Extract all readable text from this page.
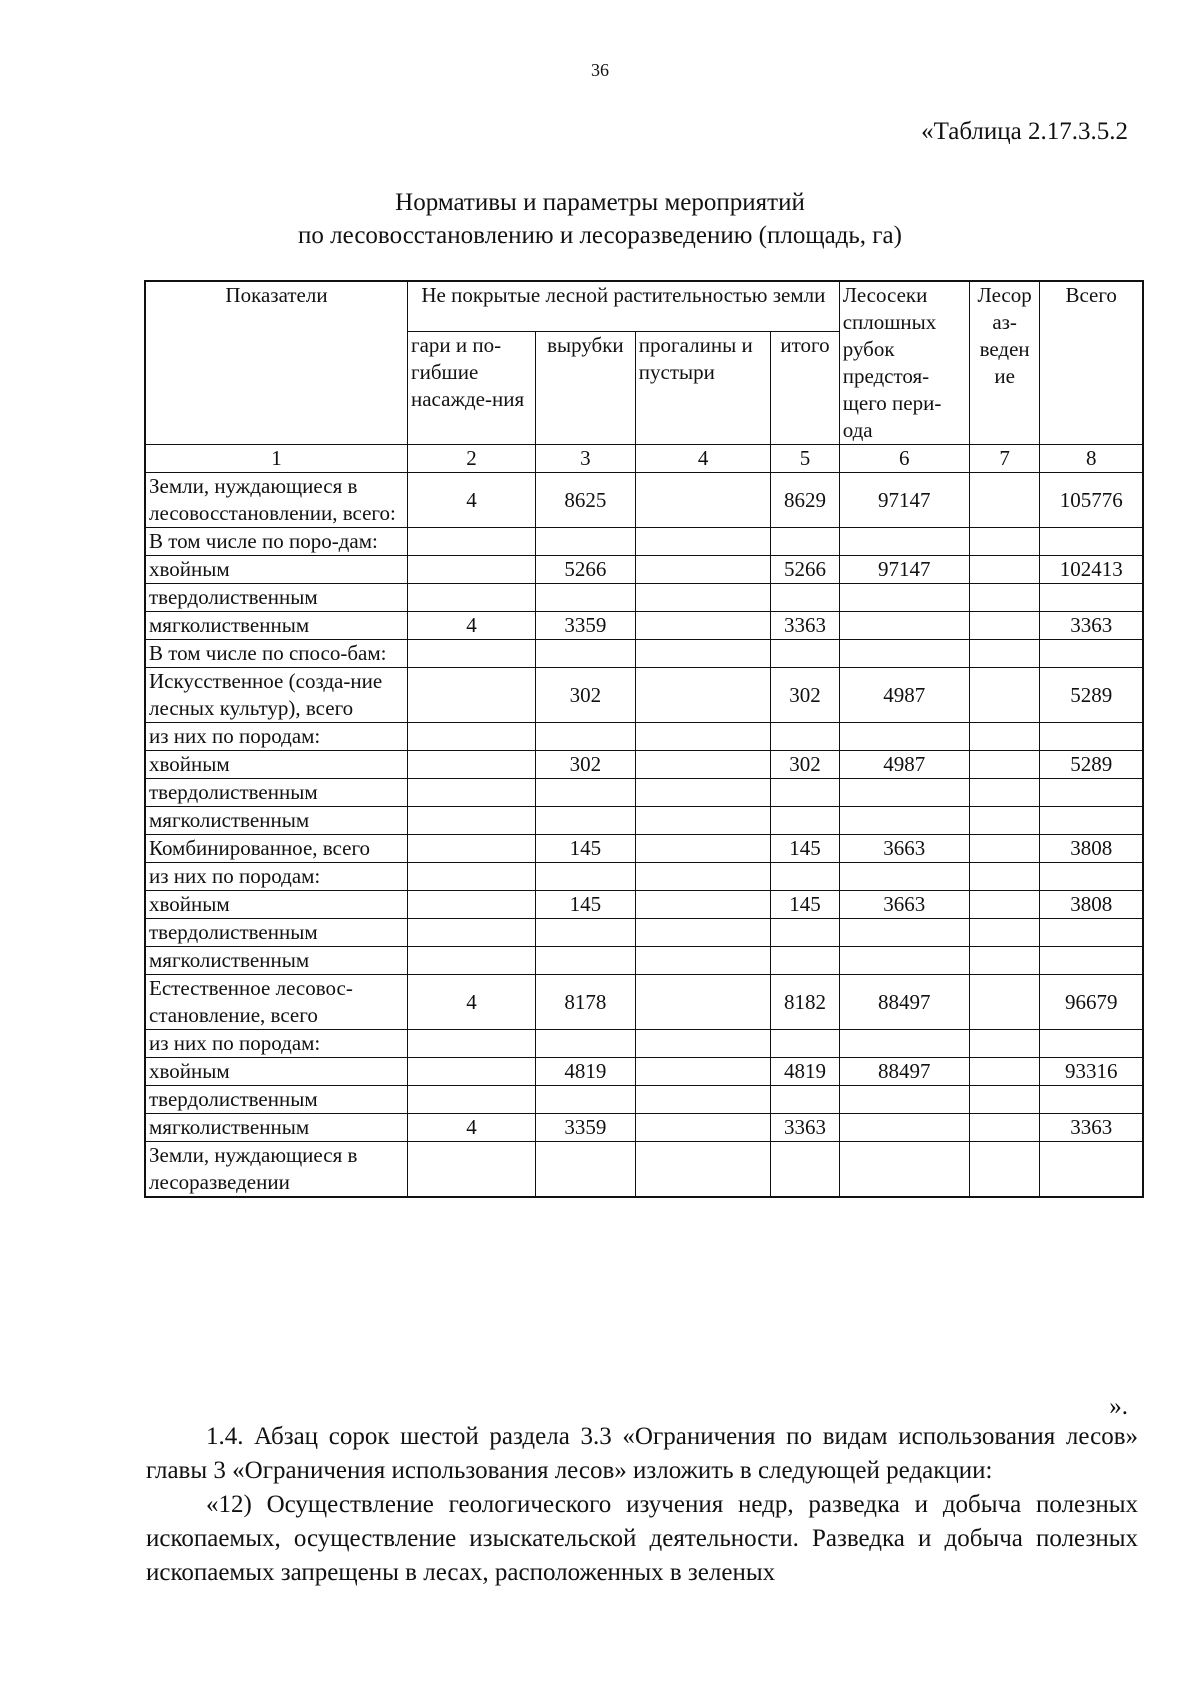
36
«Таблица 2.17.3.5.2
Нормативы и параметры мероприятий
по лесовосстановлению и лесоразведению (площадь, га)
Показатели	Не покрытые лесной растительностью земли				Лесосеки сплошных рубок предстоя-щего пери-ода	Лесор аз-веден ие	Всего
	гари и по-гибшие насажде-ния	вырубки	прогалины и пустыри	итого			
1	2	3	4	5	6	7	8
Земли, нуждающиеся в лесовосстановлении, всего:	4	8625		8629	97147		105776
В том числе по поро-дам:							
хвойным		5266		5266	97147		102413
твердолиственным							
мягколиственным	4	3359		3363			3363
В том числе по спосо-бам:							
Искусственное (созда-ние лесных культур), всего		302		302	4987		5289
из них по породам:							
хвойным		302		302	4987		5289
твердолиственным							
мягколиственным							
Комбинированное, всего		145		145	3663		3808
из них по породам:							
хвойным		145		145	3663		3808
твердолиственным							
мягколиственным							
Естественное лесовос-становление, всего	4	8178		8182	88497		96679
из них по породам:							
хвойным		4819		4819	88497		93316
твердолиственным							
мягколиственным	4	3359		3363			3363
Земли, нуждающиеся в лесоразведении							
».

1.4. Абзац сорок шестой раздела 3.3 «Ограничения по видам использования лесов» главы 3 «Ограничения использования лесов» изложить в следующей редакции:

«12) Осуществление геологического изучения недр, разведка и добыча полезных ископаемых, осуществление изыскательской деятельности. Разведка и добыча полезных ископаемых запрещены в лесах, расположенных в зеленых
